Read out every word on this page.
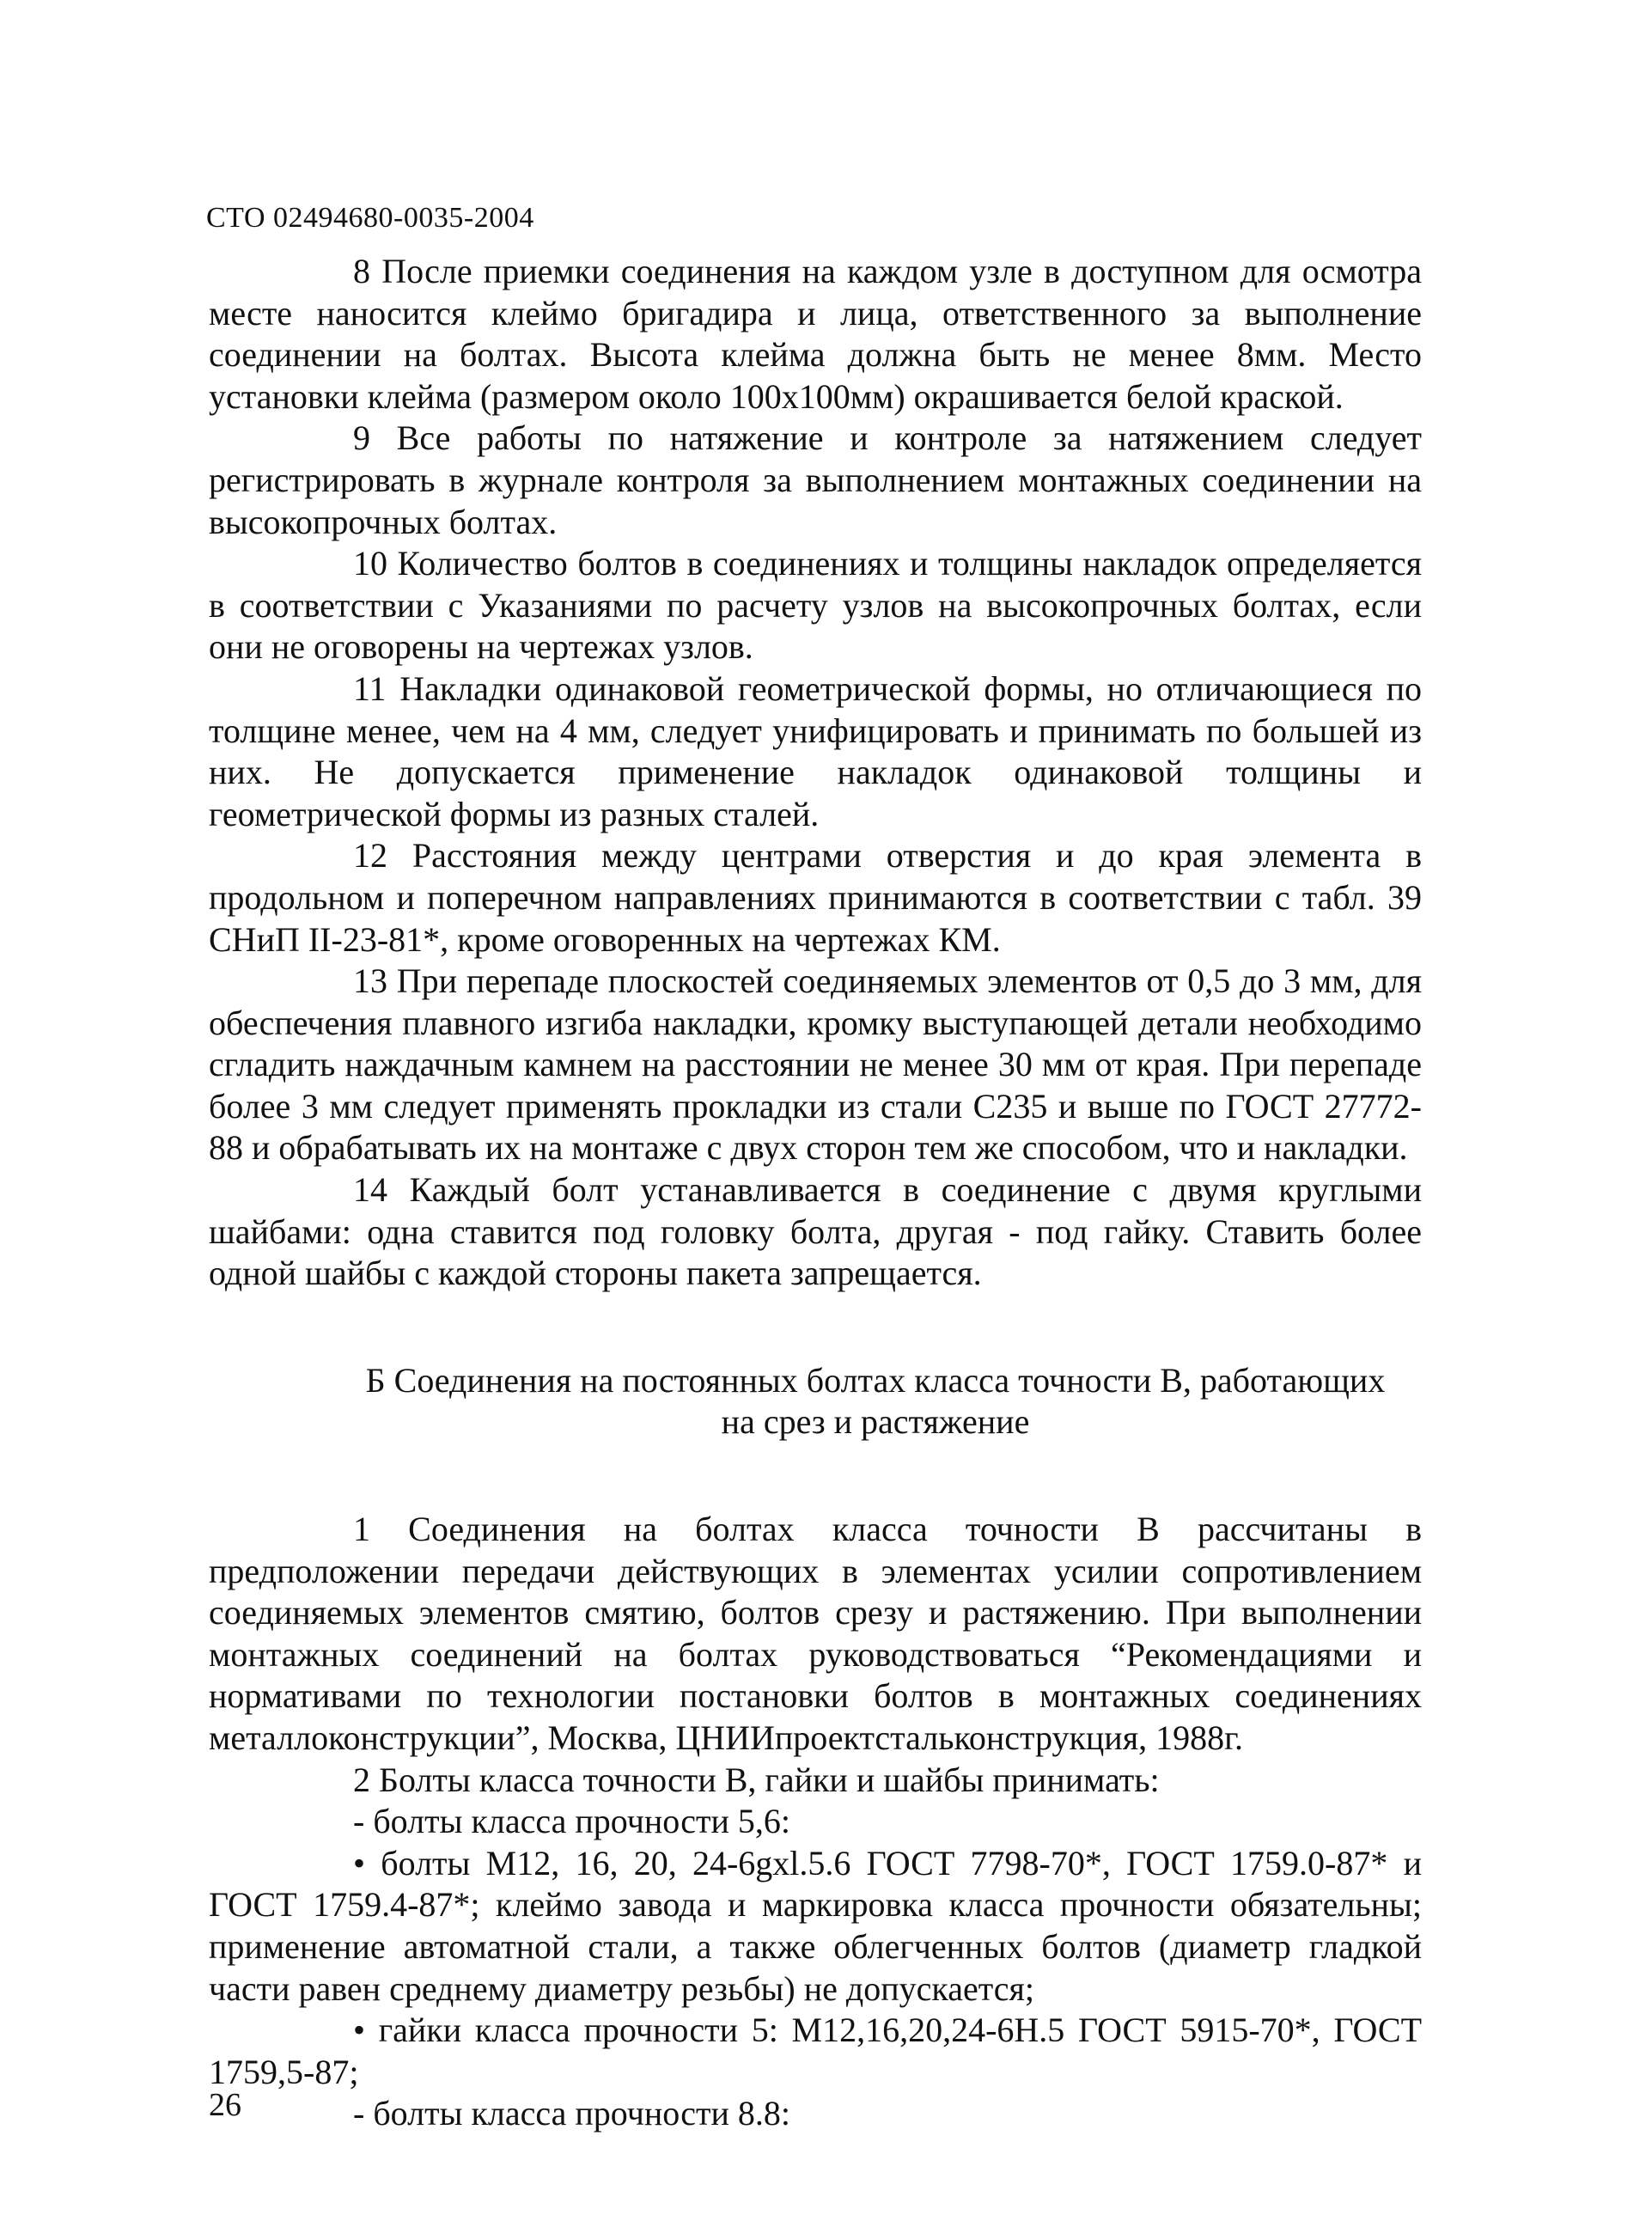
СТО 02494680-0035-2004

8 После приемки соединения на каждом узле в доступном для осмотра месте наносится клеймо бригадира и лица, ответственного за выполнение соединении на болтах. Высота клейма должна быть не менее 8мм. Место установки клейма (размером около 100х100мм) окрашивается белой краской.

9 Все работы по натяжение и контроле за натяжением следует регистрировать в журнале контроля за выполнением монтажных соединении на высокопрочных болтах.

10 Количество болтов в соединениях и толщины накладок определяется в соответствии с Указаниями по расчету узлов на высокопрочных болтах, если они не оговорены на чертежах узлов.

11 Накладки одинаковой геометрической формы, но отличающиеся по толщине менее, чем на 4 мм, следует унифицировать и принимать по большей из них. Не допускается применение накладок одинаковой толщины и геометрической формы из разных сталей.

12 Расстояния между центрами отверстия и до края элемента в продольном и поперечном направлениях принимаются в соответствии с табл. 39 СНиП II-23-81*, кроме оговоренных на чертежах КМ.

13 При перепаде плоскостей соединяемых элементов от 0,5 до 3 мм, для обеспечения плавного изгиба накладки, кромку выступающей детали необходимо сгладить наждачным камнем на расстоянии не менее 30 мм от края. При перепаде более 3 мм следует применять прокладки из стали С235 и выше по ГОСТ 27772-88 и обрабатывать их на монтаже с двух сторон тем же способом, что и накладки.

14 Каждый болт устанавливается в соединение с двумя круглыми шайбами: одна ставится под головку болта, другая - под гайку. Ставить более одной шайбы с каждой стороны пакета запрещается.

Б Соединения на постоянных болтах класса точности В, работающих
на срез и растяжение

1 Соединения на болтах класса точности В рассчитаны в предположении передачи действующих в элементах усилии сопротивлением соединяемых элементов смятию, болтов срезу и растяжению. При выполнении монтажных соединений на болтах руководствоваться “Рекомендациями и нормативами по технологии постановки болтов в монтажных соединениях металлоконструкции”, Москва, ЦНИИпроектстальконструкция, 1988г.

2 Болты класса точности В, гайки и шайбы принимать:

- болты класса прочности 5,6:

• болты М12, 16, 20, 24-6gxl.5.6 ГОСТ 7798-70*, ГОСТ 1759.0-87* и ГОСТ 1759.4-87*; клеймо завода и маркировка класса прочности обязательны; применение автоматной стали, а также облегченных болтов (диаметр гладкой части равен среднему диаметру резьбы) не допускается;

• гайки класса прочности 5: М12,16,20,24-6Н.5 ГОСТ 5915-70*, ГОСТ 1759,5-87;

- болты класса прочности 8.8:

26
